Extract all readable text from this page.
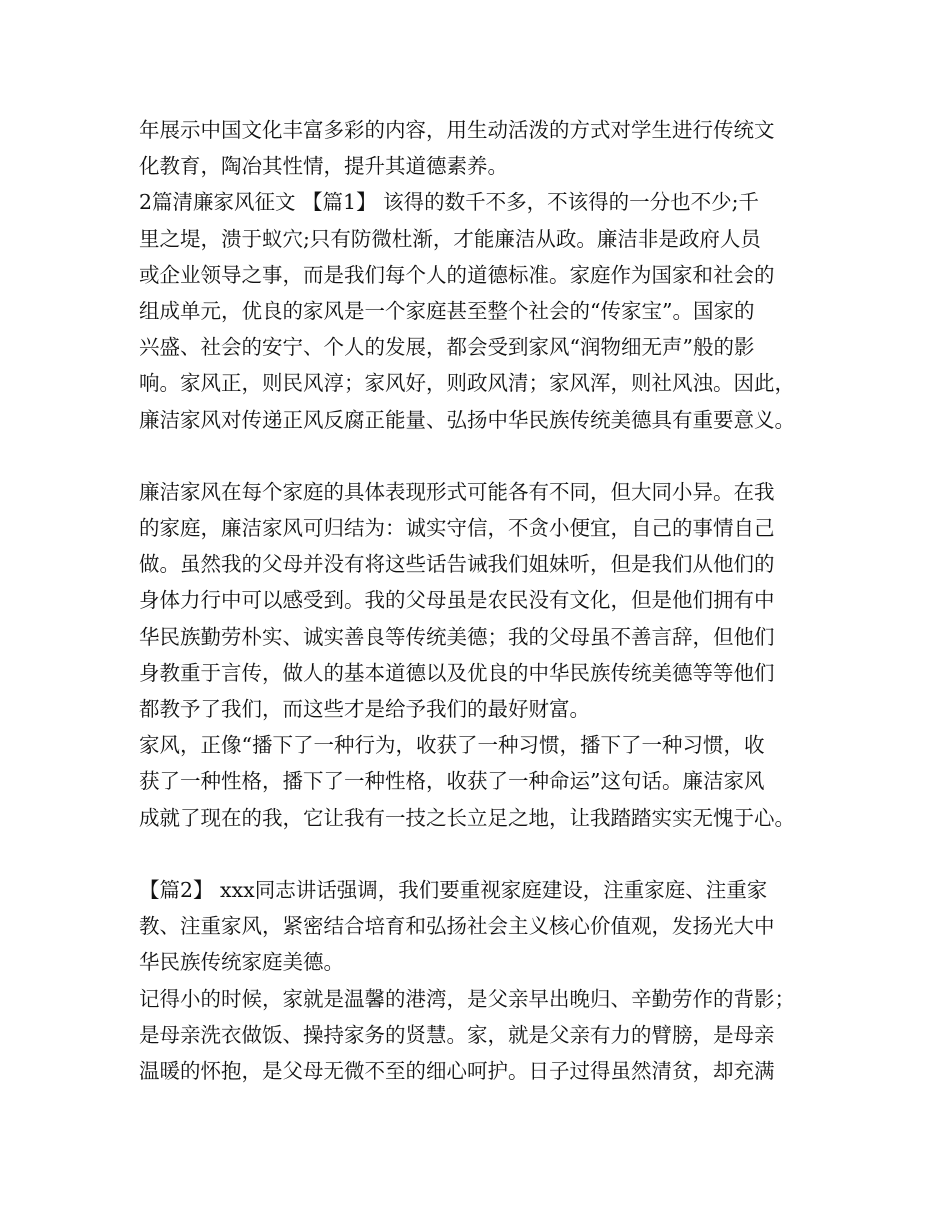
年展示中国文化丰富多彩的内容，用生动活泼的方式对学生进行传统文
化教育，陶冶其性情，提升其道德素养。
2篇清廉家风征文 【篇1】 该得的数千不多，不该得的一分也不少;千
里之堤，溃于蚁穴;只有防微杜渐，才能廉洁从政。廉洁非是政府人员
或企业领导之事，而是我们每个人的道德标准。家庭作为国家和社会的
组成单元，优良的家风是一个家庭甚至整个社会的“传家宝”。国家的
兴盛、社会的安宁、个人的发展，都会受到家风“润物细无声”般的影
响。家风正，则民风淳；家风好，则政风清；家风浑，则社风浊。因此，
廉洁家风对传递正风反腐正能量、弘扬中华民族传统美德具有重要意义。
廉洁家风在每个家庭的具体表现形式可能各有不同，但大同小异。在我
的家庭，廉洁家风可归结为：诚实守信，不贪小便宜，自己的事情自己
做。虽然我的父母并没有将这些话告诫我们姐妹听，但是我们从他们的
身体力行中可以感受到。我的父母虽是农民没有文化，但是他们拥有中
华民族勤劳朴实、诚实善良等传统美德；我的父母虽不善言辞，但他们
身教重于言传，做人的基本道德以及优良的中华民族传统美德等等他们
都教予了我们，而这些才是给予我们的最好财富。
家风，正像“播下了一种行为，收获了一种习惯，播下了一种习惯，收
获了一种性格，播下了一种性格，收获了一种命运”这句话。廉洁家风
成就了现在的我，它让我有一技之长立足之地，让我踏踏实实无愧于心。
【篇2】 xxx同志讲话强调，我们要重视家庭建设，注重家庭、注重家
教、注重家风，紧密结合培育和弘扬社会主义核心价值观，发扬光大中
华民族传统家庭美德。
记得小的时候，家就是温馨的港湾，是父亲早出晚归、辛勤劳作的背影；
是母亲洗衣做饭、操持家务的贤慧。家，就是父亲有力的臂膀，是母亲
温暖的怀抱，是父母无微不至的细心呵护。日子过得虽然清贫，却充满
